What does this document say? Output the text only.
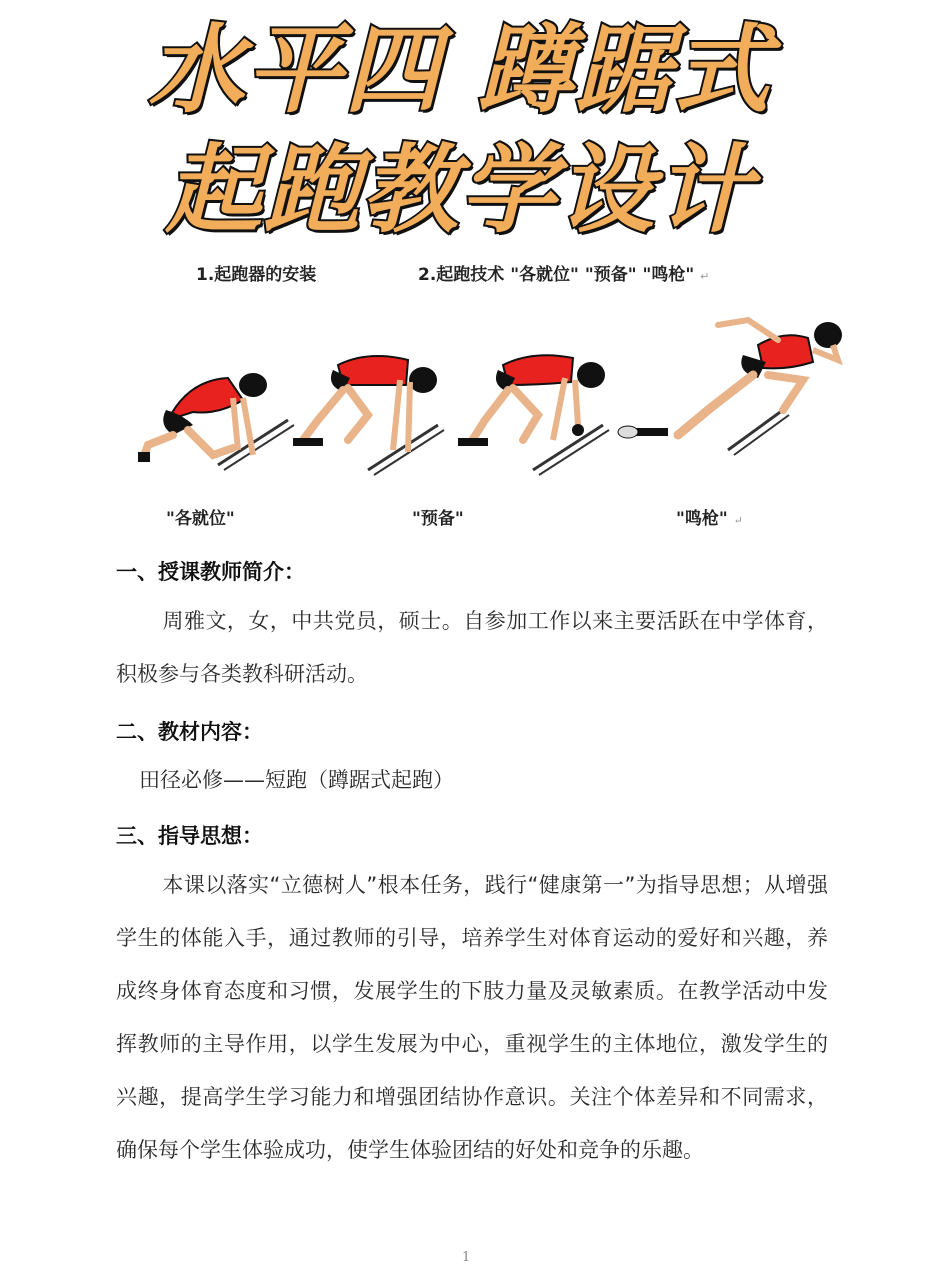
水平四 蹲踞式
起跑教学设计
1.起跑器的安装	2.起跑技术 "各就位" "预备" "鸣枪" ↵
"各就位"	"预备"	"鸣枪" ↵
一、授课教师简介：
周雅文，女，中共党员，硕士。自参加工作以来主要活跃在中学体育，积极参与各类教科研活动。
二、教材内容：
田径必修——短跑（蹲踞式起跑）
三、指导思想：
本课以落实“立德树人”根本任务，践行“健康第一”为指导思想；从增强学生的体能入手，通过教师的引导，培养学生对体育运动的爱好和兴趣，养成终身体育态度和习惯，发展学生的下肢力量及灵敏素质。在教学活动中发挥教师的主导作用，以学生发展为中心，重视学生的主体地位，激发学生的兴趣，提高学生学习能力和增强团结协作意识。关注个体差异和不同需求，确保每个学生体验成功，使学生体验团结的好处和竞争的乐趣。
1
